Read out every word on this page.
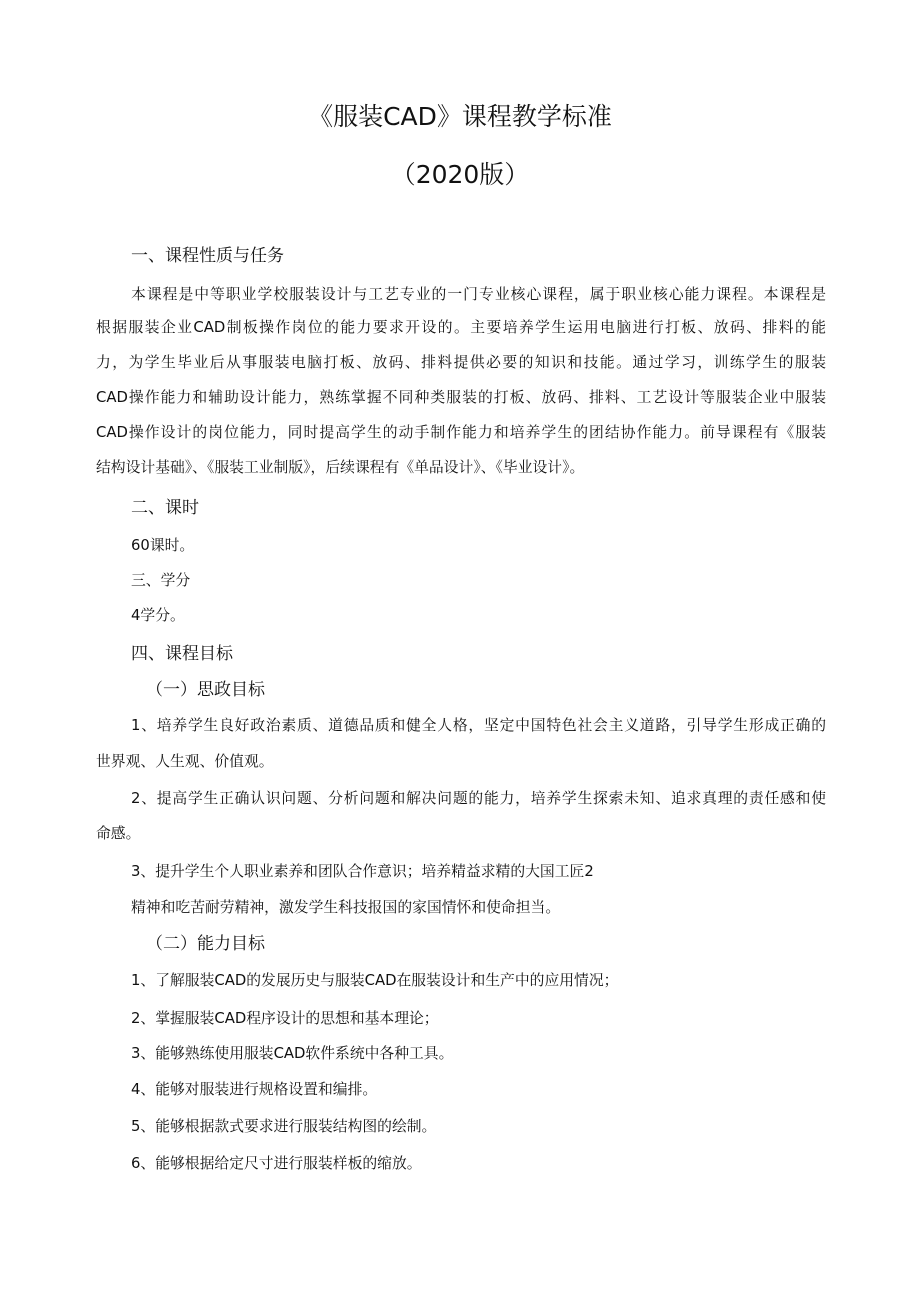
《服装CAD》课程教学标准
（2020版）
一、课程性质与任务
本课程是中等职业学校服装设计与工艺专业的一门专业核心课程，属于职业核心能力课程。本课程是
根据服装企业CAD制板操作岗位的能力要求开设的。主要培养学生运用电脑进行打板、放码、排料的能
力，为学生毕业后从事服装电脑打板、放码、排料提供必要的知识和技能。通过学习，训练学生的服装
CAD操作能力和辅助设计能力，熟练掌握不同种类服装的打板、放码、排料、工艺设计等服装企业中服装
CAD操作设计的岗位能力，同时提高学生的动手制作能力和培养学生的团结协作能力。前导课程有《服装
结构设计基础》、《服装工业制版》，后续课程有《单品设计》、《毕业设计》。
二、课时
60课时。
三、学分
4学分。
四、课程目标
（一）思政目标
1、培养学生良好政治素质、道德品质和健全人格，坚定中国特色社会主义道路，引导学生形成正确的
世界观、人生观、价值观。
2、提高学生正确认识问题、分析问题和解决问题的能力，培养学生探索未知、追求真理的责任感和使
命感。
3、提升学生个人职业素养和团队合作意识；培养精益求精的大国工匠2
精神和吃苦耐劳精神，激发学生科技报国的家国情怀和使命担当。
（二）能力目标
1、了解服装CAD的发展历史与服装CAD在服装设计和生产中的应用情况；
2、掌握服装CAD程序设计的思想和基本理论；
3、能够熟练使用服装CAD软件系统中各种工具。
4、能够对服装进行规格设置和编排。
5、能够根据款式要求进行服装结构图的绘制。
6、能够根据给定尺寸进行服装样板的缩放。
